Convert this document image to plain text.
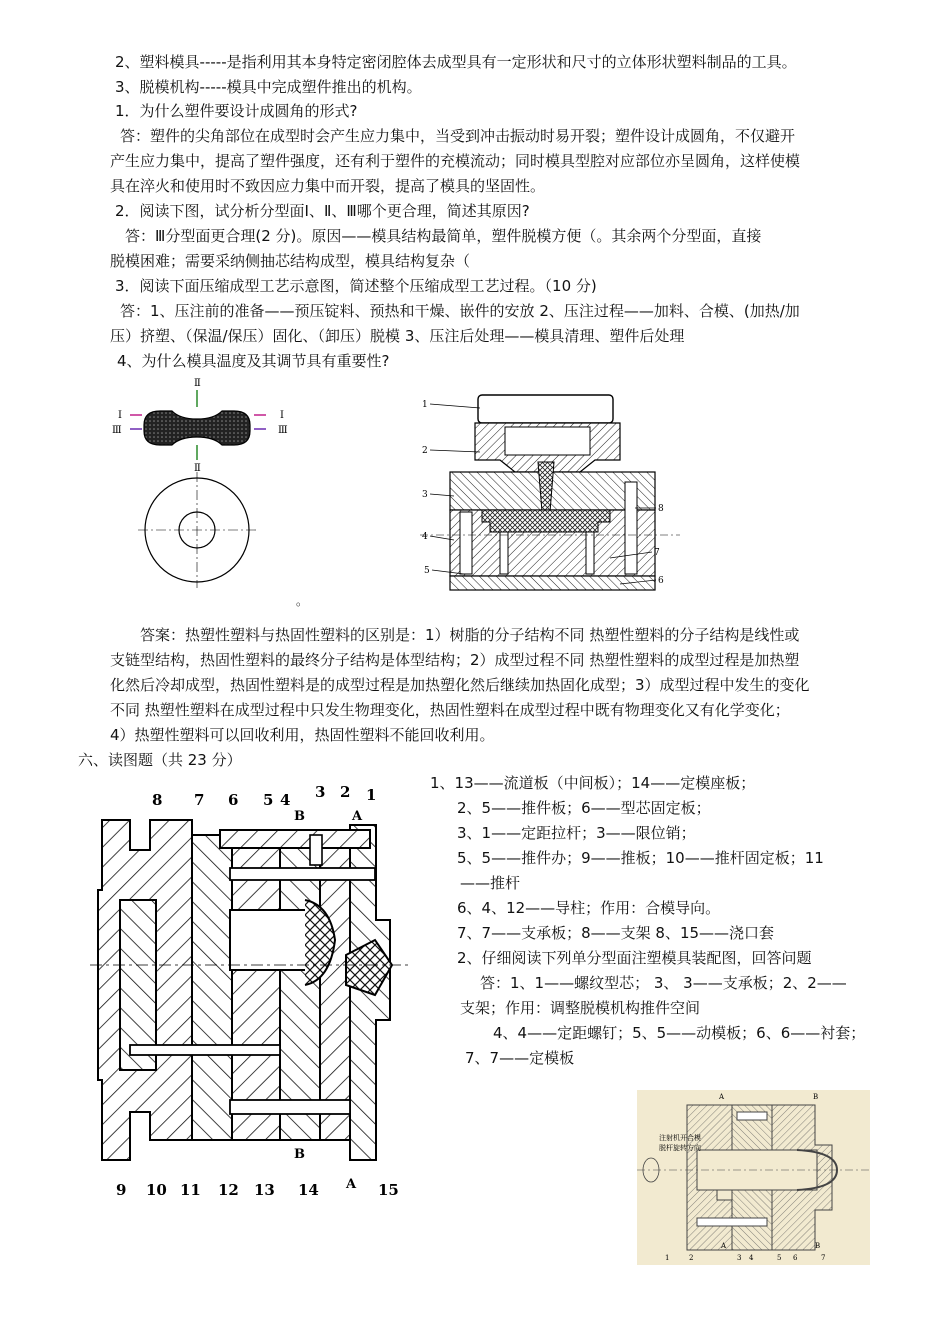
2、塑料模具-----是指利用其本身特定密闭腔体去成型具有一定形状和尺寸的立体形状塑料制品的工具。
3、脱模机构-----模具中完成塑件推出的机构。
1．为什么塑件要设计成圆角的形式?
答：塑件的尖角部位在成型时会产生应力集中，当受到冲击振动时易开裂；塑件设计成圆角，不仅避开
产生应力集中，提高了塑件强度，还有利于塑件的充模流动；同时模具型腔对应部位亦呈圆角，这样使模
具在淬火和使用时不致因应力集中而开裂，提高了模具的坚固性。
2．阅读下图，试分析分型面Ⅰ、Ⅱ、Ⅲ哪个更合理，简述其原因?
答：Ⅲ分型面更合理(2 分)。原因——模具结构最简单，塑件脱模方便（。其余两个分型面，直接
脱模困难；需要采纳侧抽芯结构成型，模具结构复杂（
3．阅读下面压缩成型工艺示意图，简述整个压缩成型工艺过程。（10 分)
答：1、压注前的准备——预压锭料、预热和干燥、嵌件的安放 2、压注过程——加料、合模、(加热/加
压）挤塑、（保温/保压）固化、（卸压）脱模 3、压注后处理——模具清理、塑件后处理
4、为什么模具温度及其调节具有重要性?
Ⅱ
Ⅱ
Ⅰ	Ⅰ
Ⅲ	Ⅲ
。
1
2
3
4
5
6
7
8
答案：热塑性塑料与热固性塑料的区别是：1）树脂的分子结构不同 热塑性塑料的分子结构是线性或
支链型结构，热固性塑料的最终分子结构是体型结构；2）成型过程不同 热塑性塑料的成型过程是加热塑
化然后冷却成型，热固性塑料是的成型过程是加热塑化然后继续加热固化成型；3）成型过程中发生的变化
不同 热塑性塑料在成型过程中只发生物理变化，热固性塑料在成型过程中既有物理变化又有化学变化；
4）热塑性塑料可以回收利用，热固性塑料不能回收利用。
六、读图题（共 23 分）
8 7 6 5 4 3 2 1
B	A
B
A
9 10 11 12 13 14	15
1、13——流道板（中间板）；14——定模座板；
2、5——推件板；6——型芯固定板；
3、1——定距拉杆；3——限位销；
5、5——推件办；9——推板；10——推杆固定板；11
——推杆
6、4、12——导柱；作用：合模导向。
7、7——支承板；8——支架 8、15——浇口套
2、仔细阅读下列单分型面注塑模具装配图，回答问题
答：1、1——螺纹型芯； 3、 3——支承板；2、2——
支架；作用：调整脱模机构推件空间
4、4——定距螺钉；5、5——动模板；6、6——衬套；
7、7——定模板
注射机开合模
脱杆旋转方向
A	B
A	B
1	2	3 4	5 6	7
